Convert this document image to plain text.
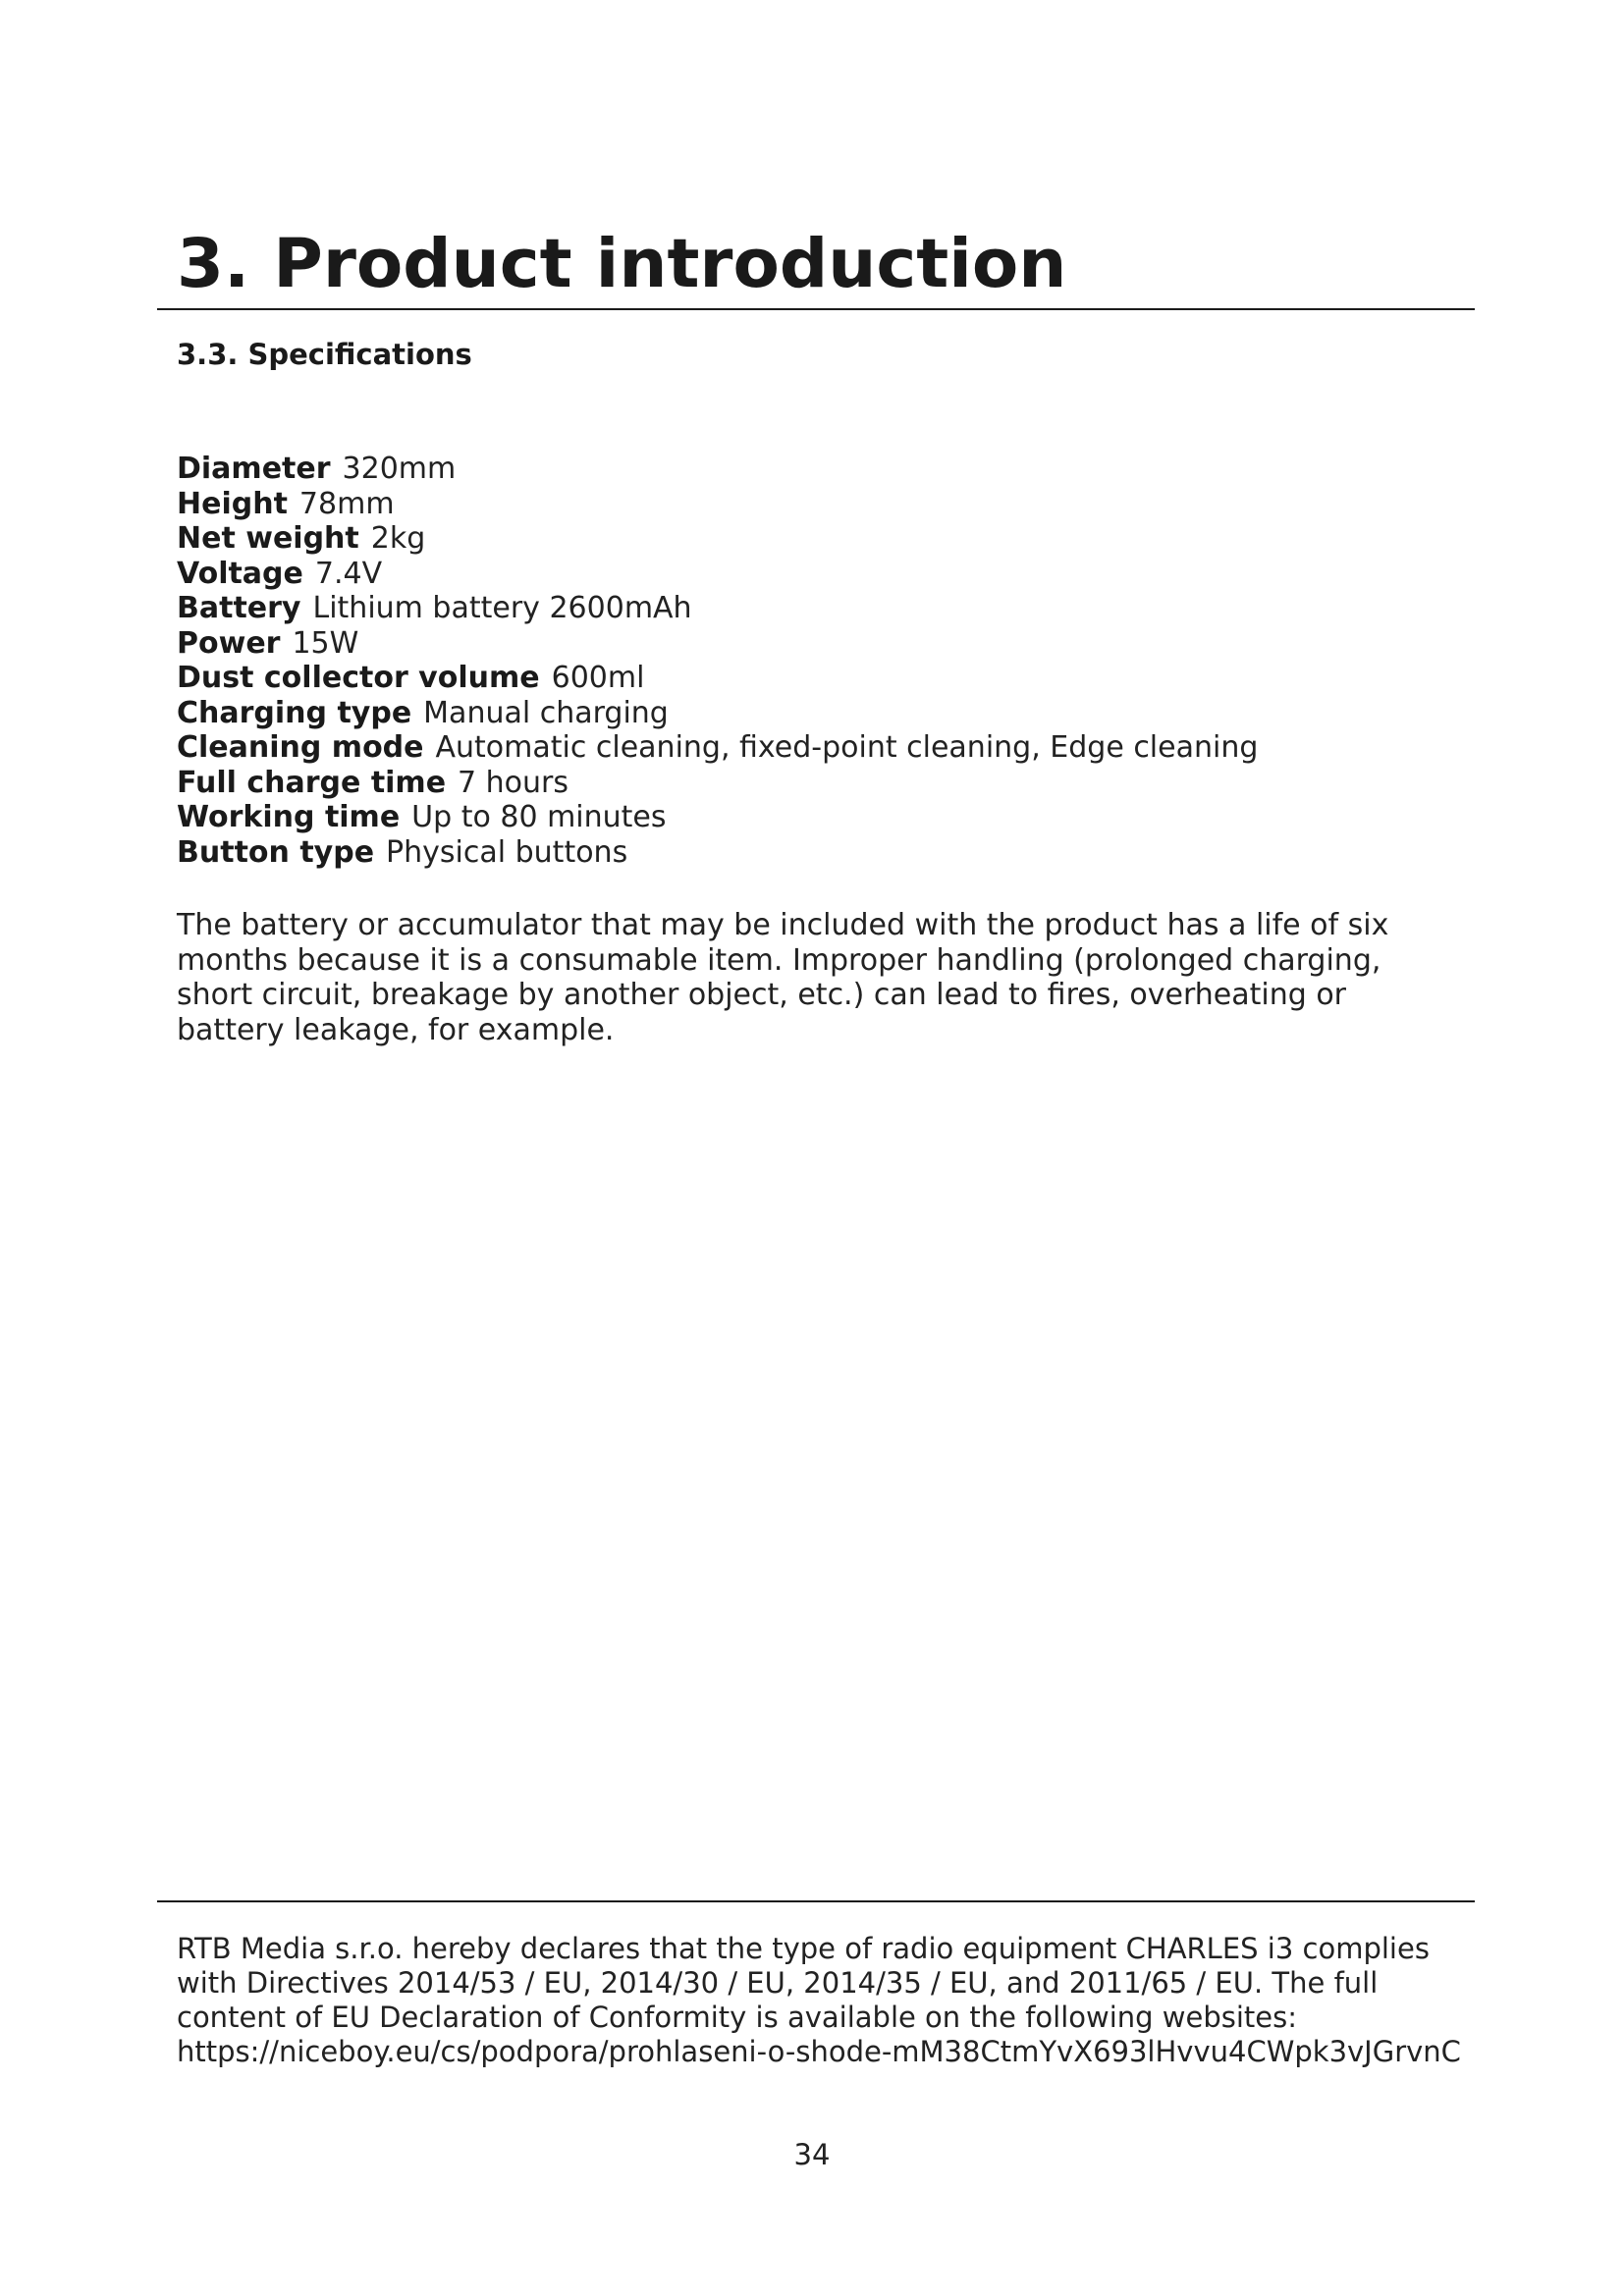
3. Product introduction
3.3. Specifications
Diameter 320mm
Height 78mm
Net weight 2kg
Voltage 7.4V
Battery Lithium battery 2600mAh
Power 15W
Dust collector volume 600ml
Charging type Manual charging
Cleaning mode Automatic cleaning, fixed-point cleaning, Edge cleaning
Full charge time 7 hours
Working time Up to 80 minutes
Button type Physical buttons

The battery or accumulator that may be included with the product has a life of six months because it is a consumable item. Improper handling (prolonged charging, short circuit, breakage by another object, etc.) can lead to fires, overheating or battery leakage, for example.

RTB Media s.r.o. hereby declares that the type of radio equipment CHARLES i3 complies with Directives 2014/53 / EU, 2014/30 / EU, 2014/35 / EU, and 2011/65 / EU. The full content of EU Declaration of Conformity is available on the following websites:
https://niceboy.eu/cs/podpora/prohlaseni-o-shode-mM38CtmYvX693lHvvu4CWpk3vJGrvnC

34
